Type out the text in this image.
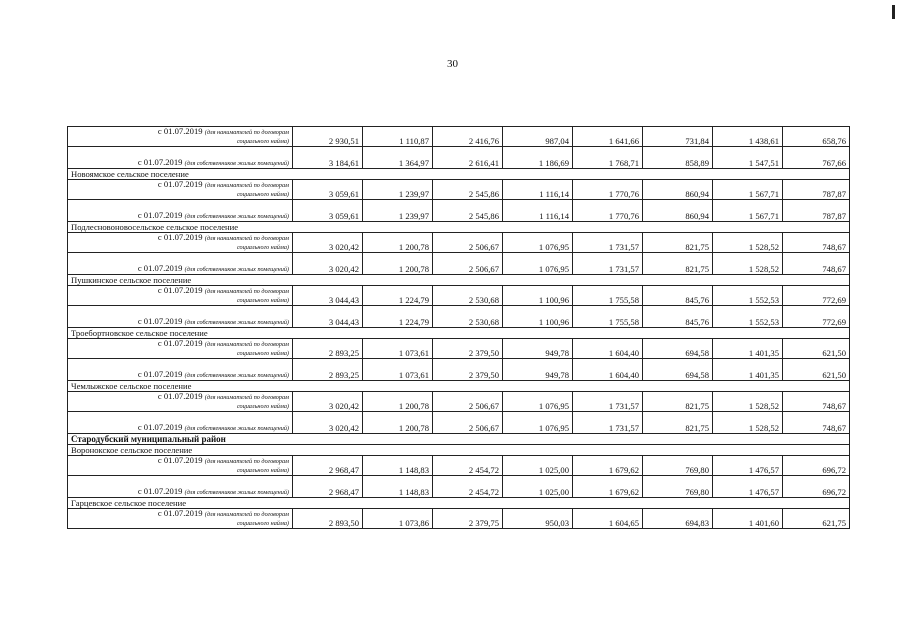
30
с 01.07.2019 (для нанимателей по договорам
социального найма)	2 930,51	1 110,87	2 416,76	987,04	1 641,66	731,84	1 438,61	658,76
с 01.07.2019 (для собственников жилых помещений)	3 184,61	1 364,97	2 616,41	1 186,69	1 768,71	858,89	1 547,51	767,66
Новоямское сельское поселение								

с 01.07.2019 (для нанимателей по договорам
социального найма)	3 059,61	1 239,97	2 545,86	1 116,14	1 770,76	860,94	1 567,71	787,87
с 01.07.2019 (для собственников жилых помещений)	3 059,61	1 239,97	2 545,86	1 116,14	1 770,76	860,94	1 567,71	787,87
Подлесновоновосельское сельское поселение								

с 01.07.2019 (для нанимателей по договорам
социального найма)	3 020,42	1 200,78	2 506,67	1 076,95	1 731,57	821,75	1 528,52	748,67
с 01.07.2019 (для собственников жилых помещений)	3 020,42	1 200,78	2 506,67	1 076,95	1 731,57	821,75	1 528,52	748,67
Пушкинское сельское поселение								

с 01.07.2019 (для нанимателей по договорам
социального найма)	3 044,43	1 224,79	2 530,68	1 100,96	1 755,58	845,76	1 552,53	772,69
с 01.07.2019 (для собственников жилых помещений)	3 044,43	1 224,79	2 530,68	1 100,96	1 755,58	845,76	1 552,53	772,69
Троебортновское сельское поселение								

с 01.07.2019 (для нанимателей по договорам
социального найма)	2 893,25	1 073,61	2 379,50	949,78	1 604,40	694,58	1 401,35	621,50
с 01.07.2019 (для собственников жилых помещений)	2 893,25	1 073,61	2 379,50	949,78	1 604,40	694,58	1 401,35	621,50
Чемлыжское сельское поселение								

с 01.07.2019 (для нанимателей по договорам
социального найма)	3 020,42	1 200,78	2 506,67	1 076,95	1 731,57	821,75	1 528,52	748,67
с 01.07.2019 (для собственников жилых помещений)	3 020,42	1 200,78	2 506,67	1 076,95	1 731,57	821,75	1 528,52	748,67
Стародубский муниципальный район								
Воронокское сельское поселение								

с 01.07.2019 (для нанимателей по договорам
социального найма)	2 968,47	1 148,83	2 454,72	1 025,00	1 679,62	769,80	1 476,57	696,72
с 01.07.2019 (для собственников жилых помещений)	2 968,47	1 148,83	2 454,72	1 025,00	1 679,62	769,80	1 476,57	696,72
Гарцевское сельское поселение								

с 01.07.2019 (для нанимателей по договорам
социального найма)	2 893,50	1 073,86	2 379,75	950,03	1 604,65	694,83	1 401,60	621,75
